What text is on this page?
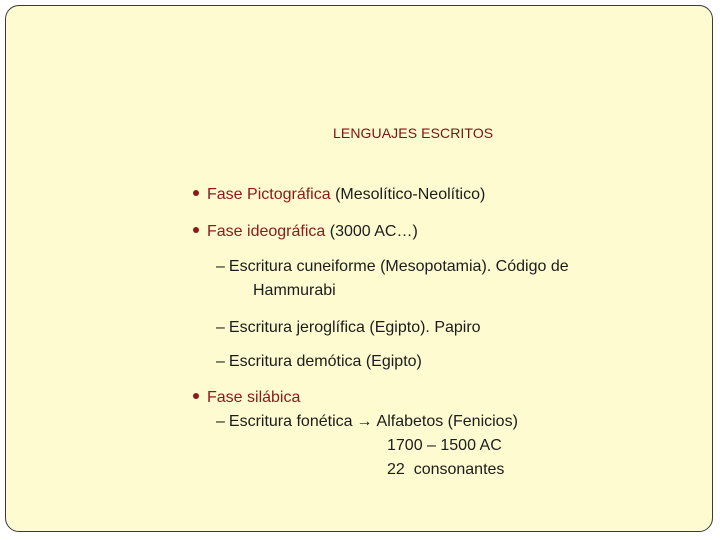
LENGUAJES ESCRITOS
Fase Pictográfica (Mesolítico-Neolítico)
Fase ideográfica (3000 AC…)
– Escritura cuneiforme (Mesopotamia). Código de
Hammurabi
– Escritura jeroglífica (Egipto). Papiro
– Escritura demótica (Egipto)
Fase silábica
– Escritura fonética → Alfabetos (Fenicios)
1700 – 1500 AC
22  consonantes
